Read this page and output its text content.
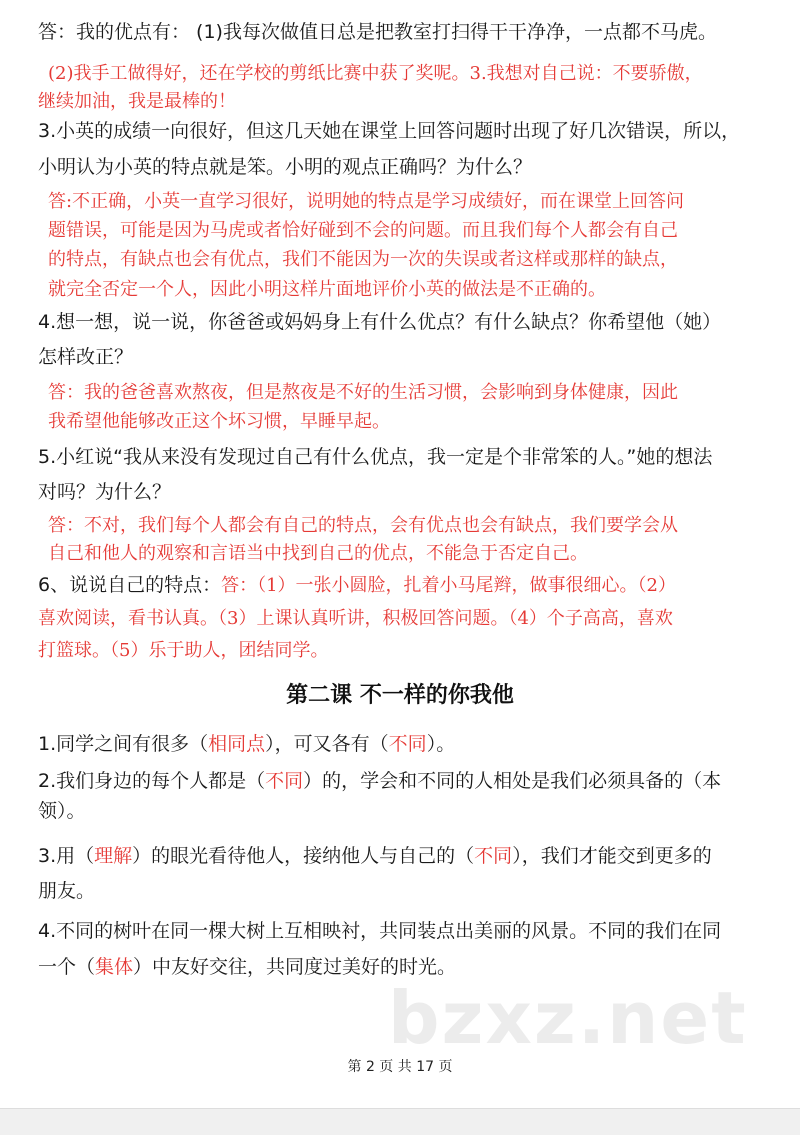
答：我的优点有： (1)我每次做值日总是把教室打扫得干干净净，一点都不马虎。
(2)我手工做得好，还在学校的剪纸比赛中获了奖呢。3.我想对自己说：不要骄傲，
继续加油，我是最棒的！
3.小英的成绩一向很好，但这几天她在课堂上回答问题时出现了好几次错误，所以，
小明认为小英的特点就是笨。小明的观点正确吗？为什么？
答:不正确，小英一直学习很好，说明她的特点是学习成绩好，而在课堂上回答问
题错误，可能是因为马虎或者恰好碰到不会的问题。而且我们每个人都会有自己
的特点，有缺点也会有优点，我们不能因为一次的失误或者这样或那样的缺点，
就完全否定一个人，因此小明这样片面地评价小英的做法是不正确的。
4.想一想，说一说，你爸爸或妈妈身上有什么优点？有什么缺点？你希望他（她）
怎样改正？
答：我的爸爸喜欢熬夜，但是熬夜是不好的生活习惯，会影响到身体健康，因此
我希望他能够改正这个坏习惯，早睡早起。
5.小红说“我从来没有发现过自己有什么优点，我一定是个非常笨的人。”她的想法
对吗？为什么？
答：不对，我们每个人都会有自己的特点，会有优点也会有缺点，我们要学会从
自己和他人的观察和言语当中找到自己的优点，不能急于否定自己。
6、说说自己的特点：答：（1）一张小圆脸，扎着小马尾辫，做事很细心。（2）
喜欢阅读，看书认真。（3）上课认真听讲，积极回答问题。（4）个子高高，喜欢
打篮球。（5）乐于助人，团结同学。
第二课 不一样的你我他
1.同学之间有很多（相同点），可又各有（不同）。
2.我们身边的每个人都是（不同）的，学会和不同的人相处是我们必须具备的（本
领）。
3.用（理解）的眼光看待他人，接纳他人与自己的（不同），我们才能交到更多的
朋友。
4.不同的树叶在同一棵大树上互相映衬，共同装点出美丽的风景。不同的我们在同
一个（集体）中友好交往，共同度过美好的时光。
bzxz.net
第 2 页 共 17 页
